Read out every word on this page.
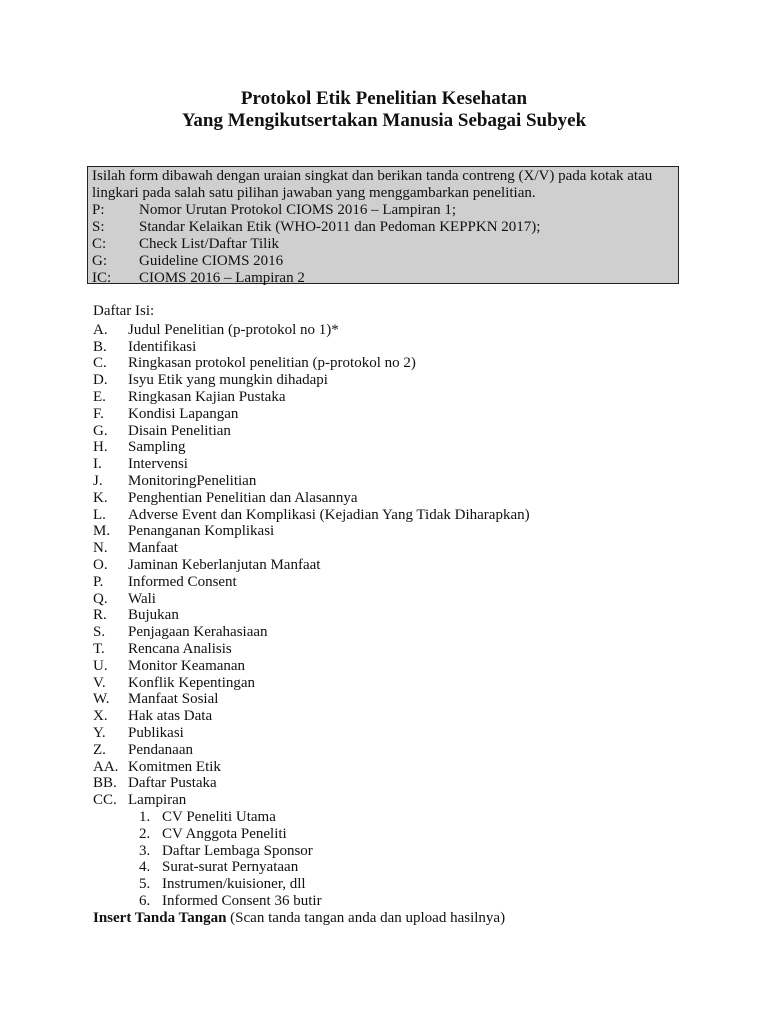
Protokol Etik Penelitian Kesehatan
Yang Mengikutsertakan Manusia Sebagai Subyek

Isilah form dibawah dengan uraian singkat dan berikan tanda contreng (X/V) pada kotak atau lingkari pada salah satu pilihan jawaban yang menggambarkan penelitian.

P:	Nomor Urutan Protokol CIOMS 2016 – Lampiran 1;
S:	Standar Kelaikan Etik (WHO-2011 dan Pedoman KEPPKN 2017);
C:	Check List/Daftar Tilik
G:	Guideline CIOMS 2016
IC:	CIOMS 2016 – Lampiran 2
Daftar Isi:
A.	Judul Penelitian (p-protokol no 1)*
B.	Identifikasi
C.	Ringkasan protokol penelitian (p-protokol no 2)
D.	Isyu Etik yang mungkin dihadapi
E.	Ringkasan Kajian Pustaka
F.	Kondisi Lapangan
G.	Disain Penelitian
H.	Sampling
I.	Intervensi
J.	MonitoringPenelitian
K.	Penghentian Penelitian dan Alasannya
L.	Adverse Event dan Komplikasi (Kejadian Yang Tidak Diharapkan)
M.	Penanganan Komplikasi
N.	Manfaat
O.	Jaminan Keberlanjutan Manfaat
P.	Informed Consent
Q.	Wali
R.	Bujukan
S.	Penjagaan Kerahasiaan
T.	Rencana Analisis
U.	Monitor Keamanan
V.	Konflik Kepentingan
W.	Manfaat Sosial
X.	Hak atas Data
Y.	Publikasi
Z.	Pendanaan
AA. Komitmen Etik
BB. Daftar Pustaka
CC. Lampiran
1. CV Peneliti Utama
2. CV Anggota Peneliti
3. Daftar Lembaga Sponsor
4. Surat-surat Pernyataan
5. Instrumen/kuisioner, dll
6. Informed Consent 36 butir
Insert Tanda Tangan (Scan tanda tangan anda dan upload hasilnya)
